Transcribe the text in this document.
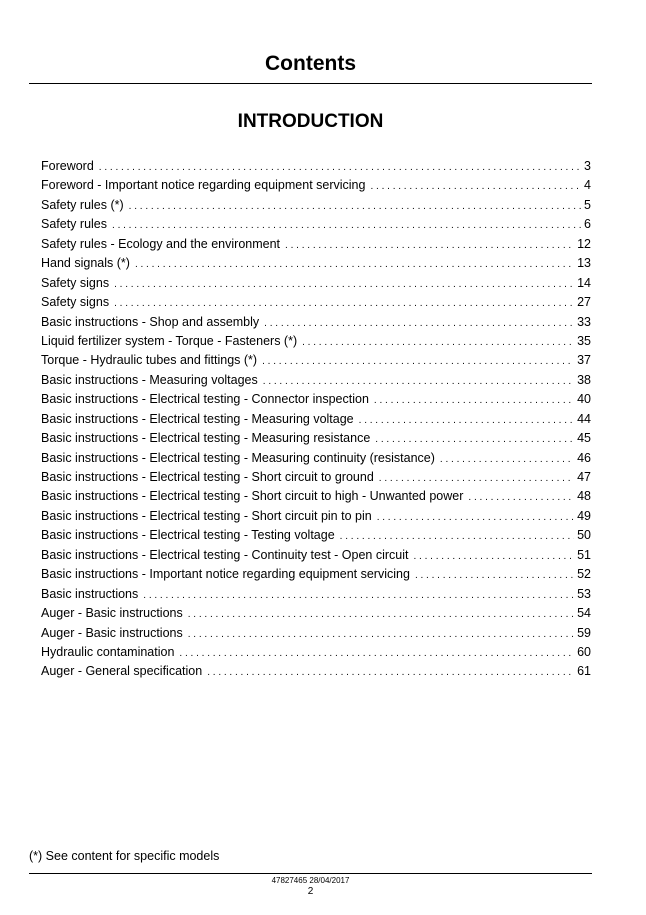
Contents
INTRODUCTION
Foreword . . .	3
Foreword - Important notice regarding equipment servicing . . .	4
Safety rules (*) . . .	5
Safety rules . . .	6
Safety rules - Ecology and the environment . . .	12
Hand signals (*) . . .	13
Safety signs . . .	14
Safety signs . . .	27
Basic instructions - Shop and assembly . . .	33
Liquid fertilizer system - Torque - Fasteners (*) . . .	35
Torque - Hydraulic tubes and fittings (*) . . .	37
Basic instructions - Measuring voltages . . .	38
Basic instructions - Electrical testing - Connector inspection . . .	40
Basic instructions - Electrical testing - Measuring voltage . . .	44
Basic instructions - Electrical testing - Measuring resistance . . .	45
Basic instructions - Electrical testing - Measuring continuity (resistance) . . .	46
Basic instructions - Electrical testing - Short circuit to ground . . .	47
Basic instructions - Electrical testing - Short circuit to high - Unwanted power . . .	48
Basic instructions - Electrical testing - Short circuit pin to pin . . .	49
Basic instructions - Electrical testing - Testing voltage . . .	50
Basic instructions - Electrical testing - Continuity test - Open circuit . . .	51
Basic instructions - Important notice regarding equipment servicing . . .	52
Basic instructions . . .	53
Auger - Basic instructions . . .	54
Auger - Basic instructions . . .	59
Hydraulic contamination . . .	60
Auger - General specification . . .	61
(*) See content for specific models
47827465 28/04/2017
2
